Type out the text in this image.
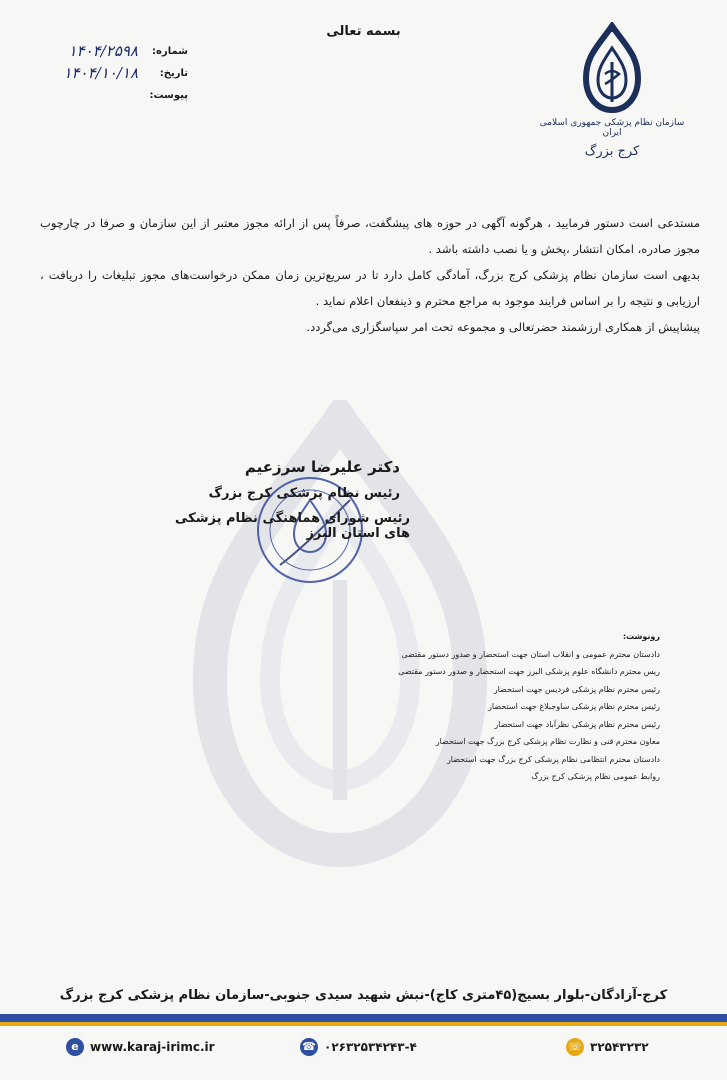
بسمه تعالی
سازمان نظام پزشکی جمهوری اسلامی ایران
کرج بزرگ
شماره:
۱۴۰۴/۲۵۹۸
تاریخ:
۱۴۰۴/۱۰/۱۸
پیوست:

مستدعی است دستور فرمایید ، هرگونه آگهی در حوزه های پیشگفت، صرفاً پس از ارائه مجوز معتبر از این سازمان و صرفا در چارچوب مجوز صادره، امکان انتشار ،پخش و یا نصب داشته باشد .

بدیهی است سازمان نظام پزشکی کرج بزرگ، آمادگی کامل دارد تا در سریع‌ترین زمان ممکن درخواست‌های مجوز تبلیغات را دریافت ، ارزیابی و نتیجه را بر اساس فرایند موجود به مراجع محترم و ذینفعان اعلام نماید .

پیشاپیش از همکاری ارزشمند حضرتعالی و مجموعه تحت امر سپاسگزاری می‌گردد.

دکتر علیرضا سرزعیم
رئیس نظام پزشکی کرج بزرگ
رئیس شورای هماهنگی نظام پزشکی های استان البرز
رونوشت:
دادستان محترم عمومی و انقلاب استان جهت استحضار و صدور دستور مقتضی
ریس محترم دانشگاه علوم پزشکی البرز جهت استحضار و صدور دستور مقتضی
رئیس محترم نظام پزشکی فردیس جهت استحضار
رئیس محترم نظام پزشکی ساوجبلاغ جهت استحضار
رئیس محترم نظام پزشکی نظرآباد جهت استحضار
معاون محترم فنی و نظارت نظام پزشکی کرج بزرگ جهت استحضار
دادستان محترم انتظامی نظام پزشکی کرج بزرگ جهت استحضار
روابط عمومی نظام پزشکی کرج بزرگ
کرج-آزادگان-بلوار بسیج(۴۵متری کاج)-نبش شهید سیدی جنوبی-سازمان نظام پزشکی کرج بزرگ
e www.karaj-irimc.ir	☎ ۰۲۶۳۲۵۳۴۲۴۳-۴	☏ ۳۲۵۴۳۲۳۲
